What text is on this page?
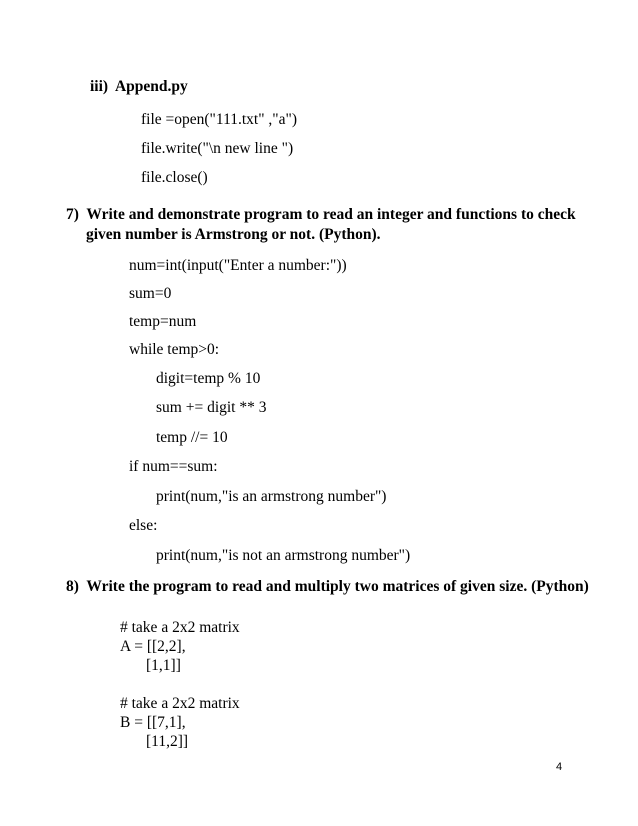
iii)  Append.py
file =open("111.txt" ,"a")
file.write("\n new line ")
file.close()
7)  Write and demonstrate program to read an integer and functions to check
given number is Armstrong or not. (Python).
num=int(input("Enter a number:"))
sum=0
temp=num
while temp>0:
digit=temp % 10
sum += digit ** 3
temp //= 10
if num==sum:
print(num,"is an armstrong number")
else:
print(num,"is not an armstrong number")
8)  Write the program to read and multiply two matrices of given size. (Python)
# take a 2x2 matrix
A = [[2,2],
[1,1]]
# take a 2x2 matrix
B = [[7,1],
[11,2]]
4
